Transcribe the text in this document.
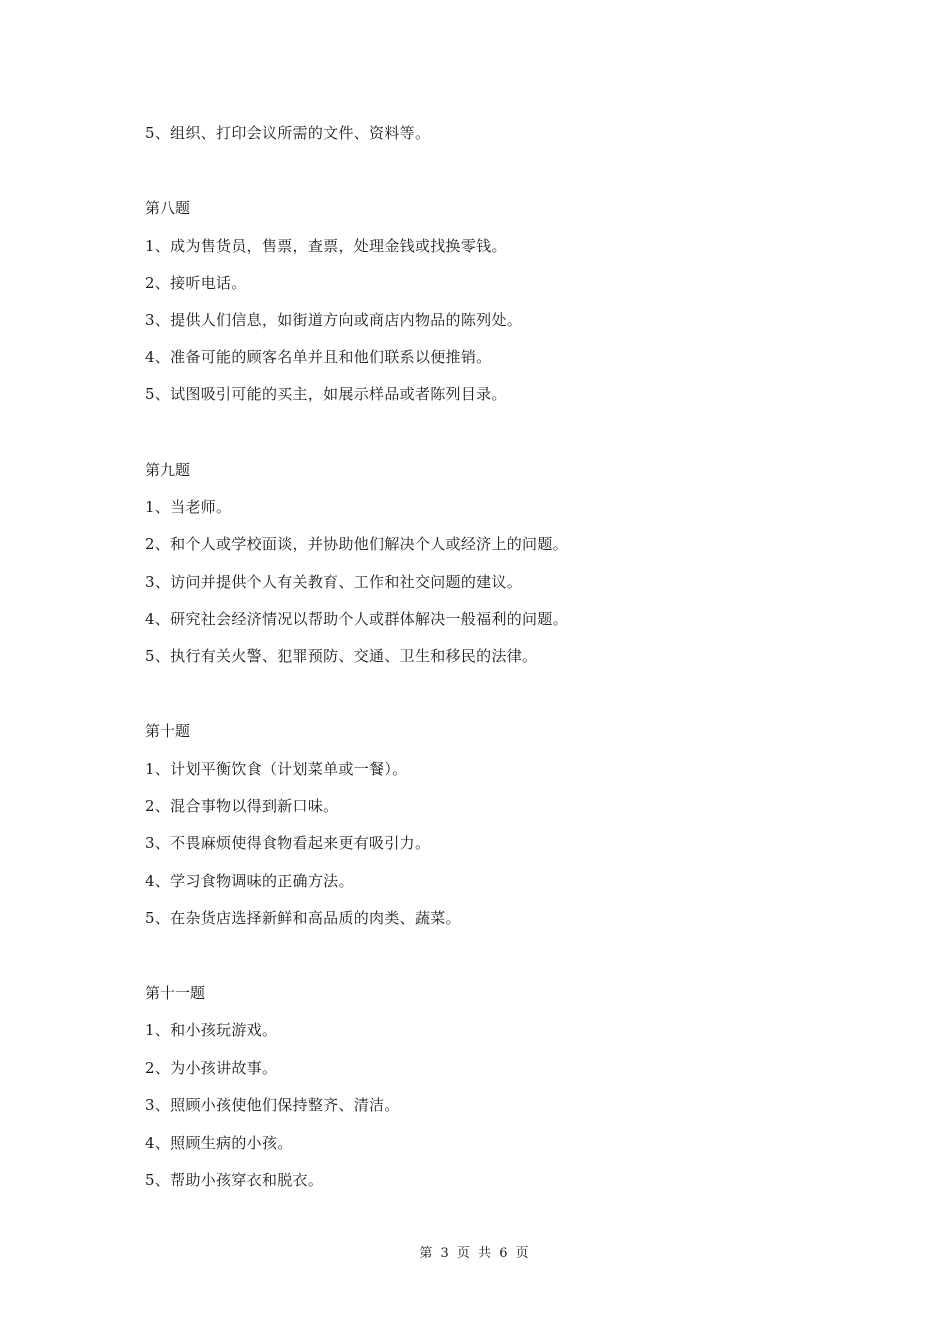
5、组织、打印会议所需的文件、资料等。
第八题
1、成为售货员，售票，查票，处理金钱或找换零钱。
2、接听电话。
3、提供人们信息，如街道方向或商店内物品的陈列处。
4、准备可能的顾客名单并且和他们联系以便推销。
5、试图吸引可能的买主，如展示样品或者陈列目录。
第九题
1、当老师。
2、和个人或学校面谈，并协助他们解决个人或经济上的问题。
3、访问并提供个人有关教育、工作和社交问题的建议。
4、研究社会经济情况以帮助个人或群体解决一般福利的问题。
5、执行有关火警、犯罪预防、交通、卫生和移民的法律。
第十题
1、计划平衡饮食（计划菜单或一餐）。
2、混合事物以得到新口味。
3、不畏麻烦使得食物看起来更有吸引力。
4、学习食物调味的正确方法。
5、在杂货店选择新鲜和高品质的肉类、蔬菜。
第十一题
1、和小孩玩游戏。
2、为小孩讲故事。
3、照顾小孩使他们保持整齐、清洁。
4、照顾生病的小孩。
5、帮助小孩穿衣和脱衣。
第 3 页 共 6 页
